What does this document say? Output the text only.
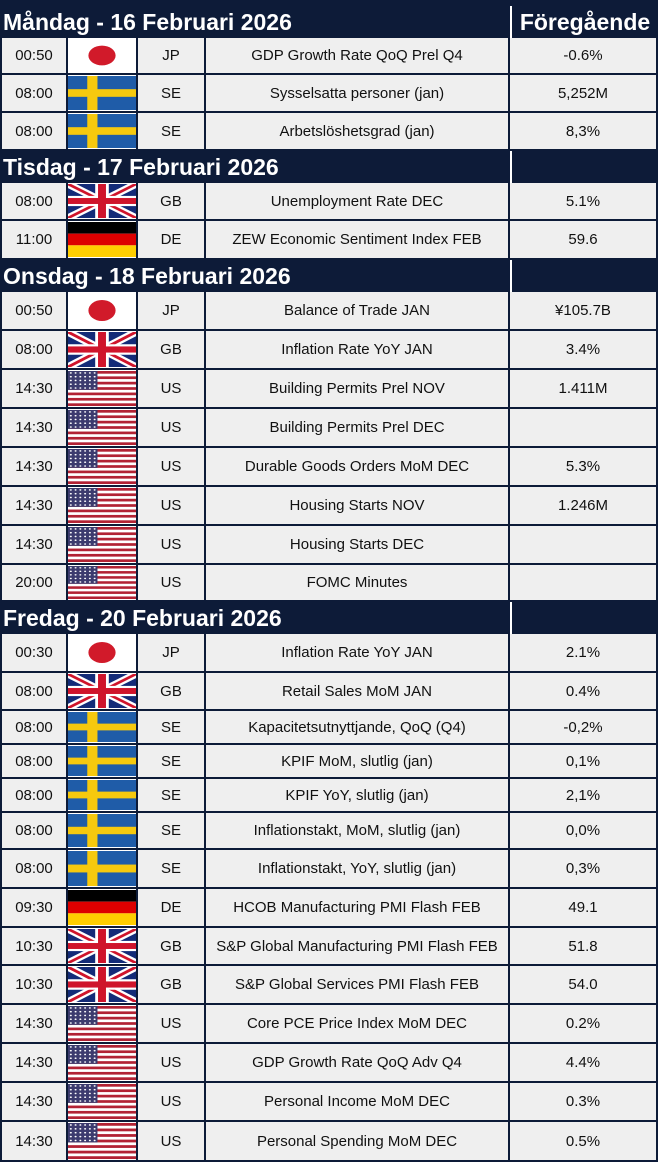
Måndag - 16 Februari 2026	Föregående
00:50	JP	GDP Growth Rate QoQ Prel Q4	-0.6%
08:00	SE	Sysselsatta personer (jan)	5,252M
08:00	SE	Arbetslöshetsgrad (jan)	8,3%
Tisdag - 17 Februari 2026
08:00	GB	Unemployment Rate DEC	5.1%
11:00	DE	ZEW Economic Sentiment Index FEB	59.6
Onsdag - 18 Februari 2026
00:50	JP	Balance of Trade JAN	¥105.7B
08:00	GB	Inflation Rate YoY JAN	3.4%
14:30	US	Building Permits Prel NOV	1.411M
14:30	US	Building Permits Prel DEC
14:30	US	Durable Goods Orders MoM DEC	5.3%
14:30	US	Housing Starts NOV	1.246M
14:30	US	Housing Starts DEC
20:00	US	FOMC Minutes
Fredag - 20 Februari 2026
00:30	JP	Inflation Rate YoY JAN	2.1%
08:00	GB	Retail Sales MoM JAN	0.4%
08:00	SE	Kapacitetsutnyttjande, QoQ (Q4)	-0,2%
08:00	SE	KPIF MoM, slutlig (jan)	0,1%
08:00	SE	KPIF YoY, slutlig (jan)	2,1%
08:00	SE	Inflationstakt, MoM, slutlig (jan)	0,0%
08:00	SE	Inflationstakt, YoY, slutlig (jan)	0,3%
09:30	DE	HCOB Manufacturing PMI Flash FEB	49.1
10:30	GB	S&P Global Manufacturing PMI Flash FEB	51.8
10:30	GB	S&P Global Services PMI Flash FEB	54.0
14:30	US	Core PCE Price Index MoM DEC	0.2%
14:30	US	GDP Growth Rate QoQ Adv Q4	4.4%
14:30	US	Personal Income MoM DEC	0.3%
14:30	US	Personal Spending MoM DEC	0.5%
